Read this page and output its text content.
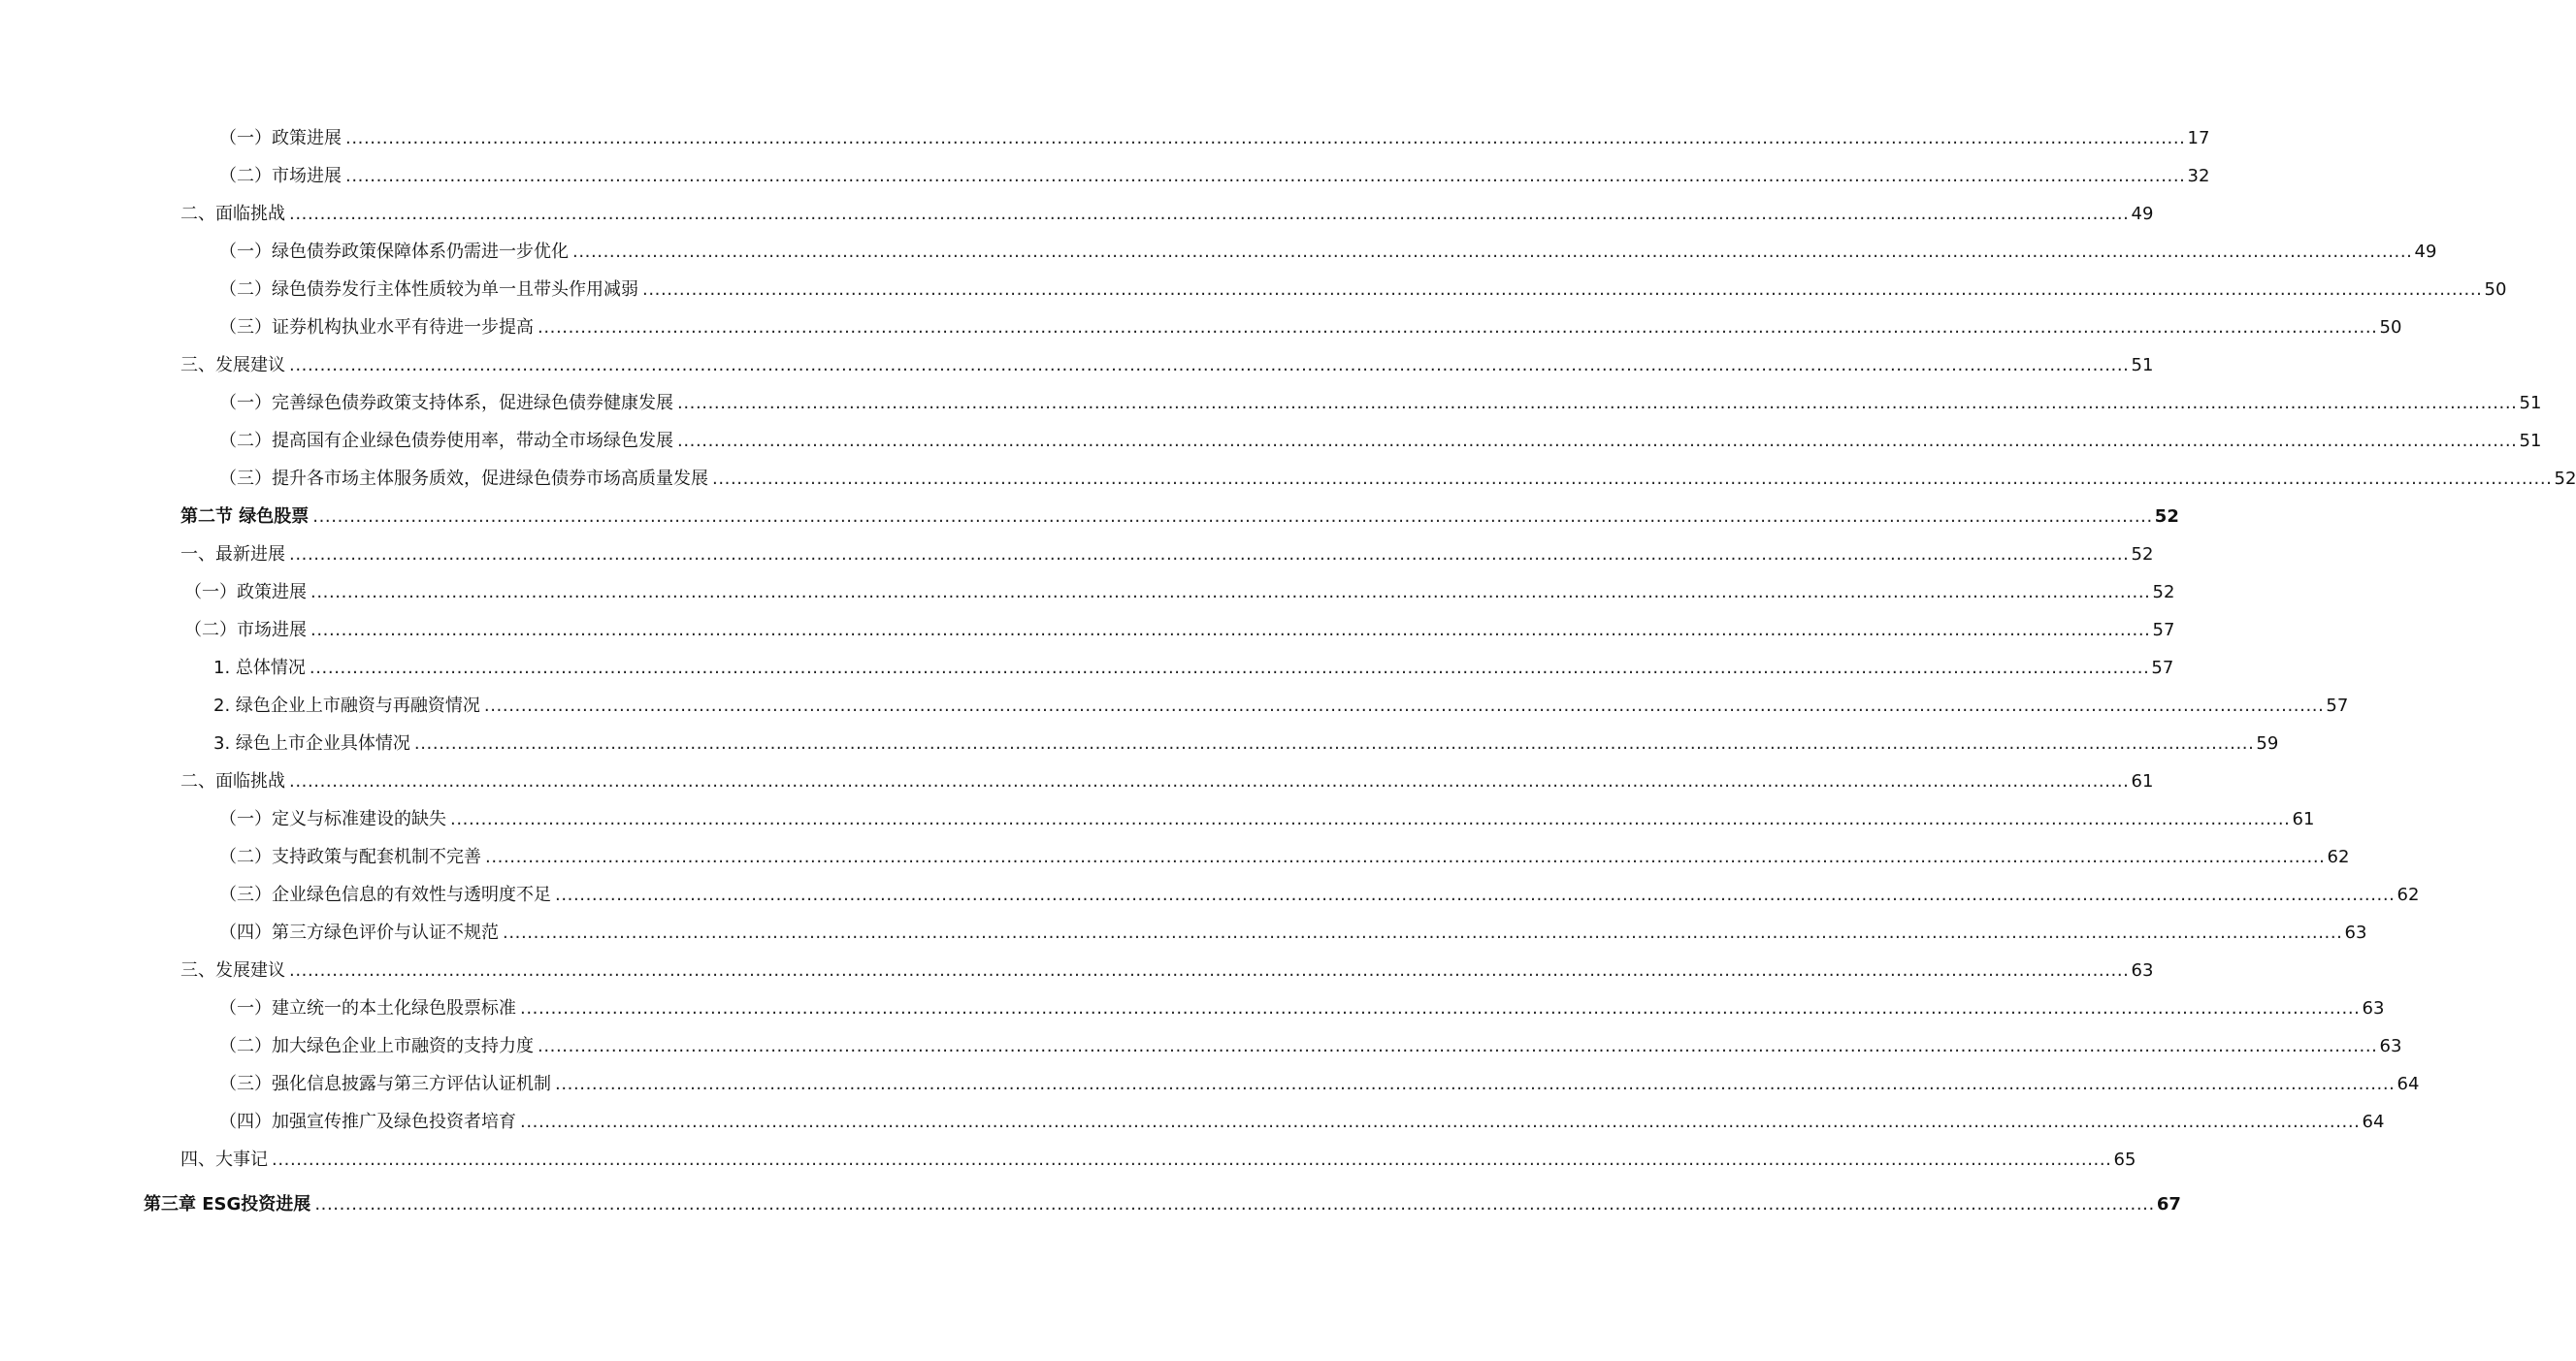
（一）政策进展 ............................................................................................................................................................................................................................................................................................................ 17
（二）市场进展 ............................................................................................................................................................................................................................................................................................................ 32
二、面临挑战 ............................................................................................................................................................................................................................................................................................................ 49
（一）绿色债券政策保障体系仍需进一步优化 ............................................................................................................................................................................................................................................................................................................ 49
（二）绿色债券发行主体性质较为单一且带头作用减弱 ............................................................................................................................................................................................................................................................................................................ 50
（三）证券机构执业水平有待进一步提高 ............................................................................................................................................................................................................................................................................................................ 50
三、发展建议 ............................................................................................................................................................................................................................................................................................................ 51
（一）完善绿色债券政策支持体系，促进绿色债券健康发展 ............................................................................................................................................................................................................................................................................................................ 51
（二）提高国有企业绿色债券使用率，带动全市场绿色发展 ............................................................................................................................................................................................................................................................................................................ 51
（三）提升各市场主体服务质效，促进绿色债券市场高质量发展 ............................................................................................................................................................................................................................................................................................................ 52
第二节 绿色股票 ............................................................................................................................................................................................................................................................................................................ 52
一、最新进展 ............................................................................................................................................................................................................................................................................................................ 52
（一）政策进展 ............................................................................................................................................................................................................................................................................................................ 52
（二）市场进展 ............................................................................................................................................................................................................................................................................................................ 57
1. 总体情况 ............................................................................................................................................................................................................................................................................................................ 57
2. 绿色企业上市融资与再融资情况 ............................................................................................................................................................................................................................................................................................................ 57
3. 绿色上市企业具体情况 ............................................................................................................................................................................................................................................................................................................ 59
二、面临挑战 ............................................................................................................................................................................................................................................................................................................ 61
（一）定义与标准建设的缺失 ............................................................................................................................................................................................................................................................................................................ 61
（二）支持政策与配套机制不完善 ............................................................................................................................................................................................................................................................................................................ 62
（三）企业绿色信息的有效性与透明度不足 ............................................................................................................................................................................................................................................................................................................ 62
（四）第三方绿色评价与认证不规范 ............................................................................................................................................................................................................................................................................................................ 63
三、发展建议 ............................................................................................................................................................................................................................................................................................................ 63
（一）建立统一的本土化绿色股票标准 ............................................................................................................................................................................................................................................................................................................ 63
（二）加大绿色企业上市融资的支持力度 ............................................................................................................................................................................................................................................................................................................ 63
（三）强化信息披露与第三方评估认证机制 ............................................................................................................................................................................................................................................................................................................ 64
（四）加强宣传推广及绿色投资者培育 ............................................................................................................................................................................................................................................................................................................ 64
四、大事记 ............................................................................................................................................................................................................................................................................................................ 65
第三章 ESG投资进展 ............................................................................................................................................................................................................................................................................................................ 67
